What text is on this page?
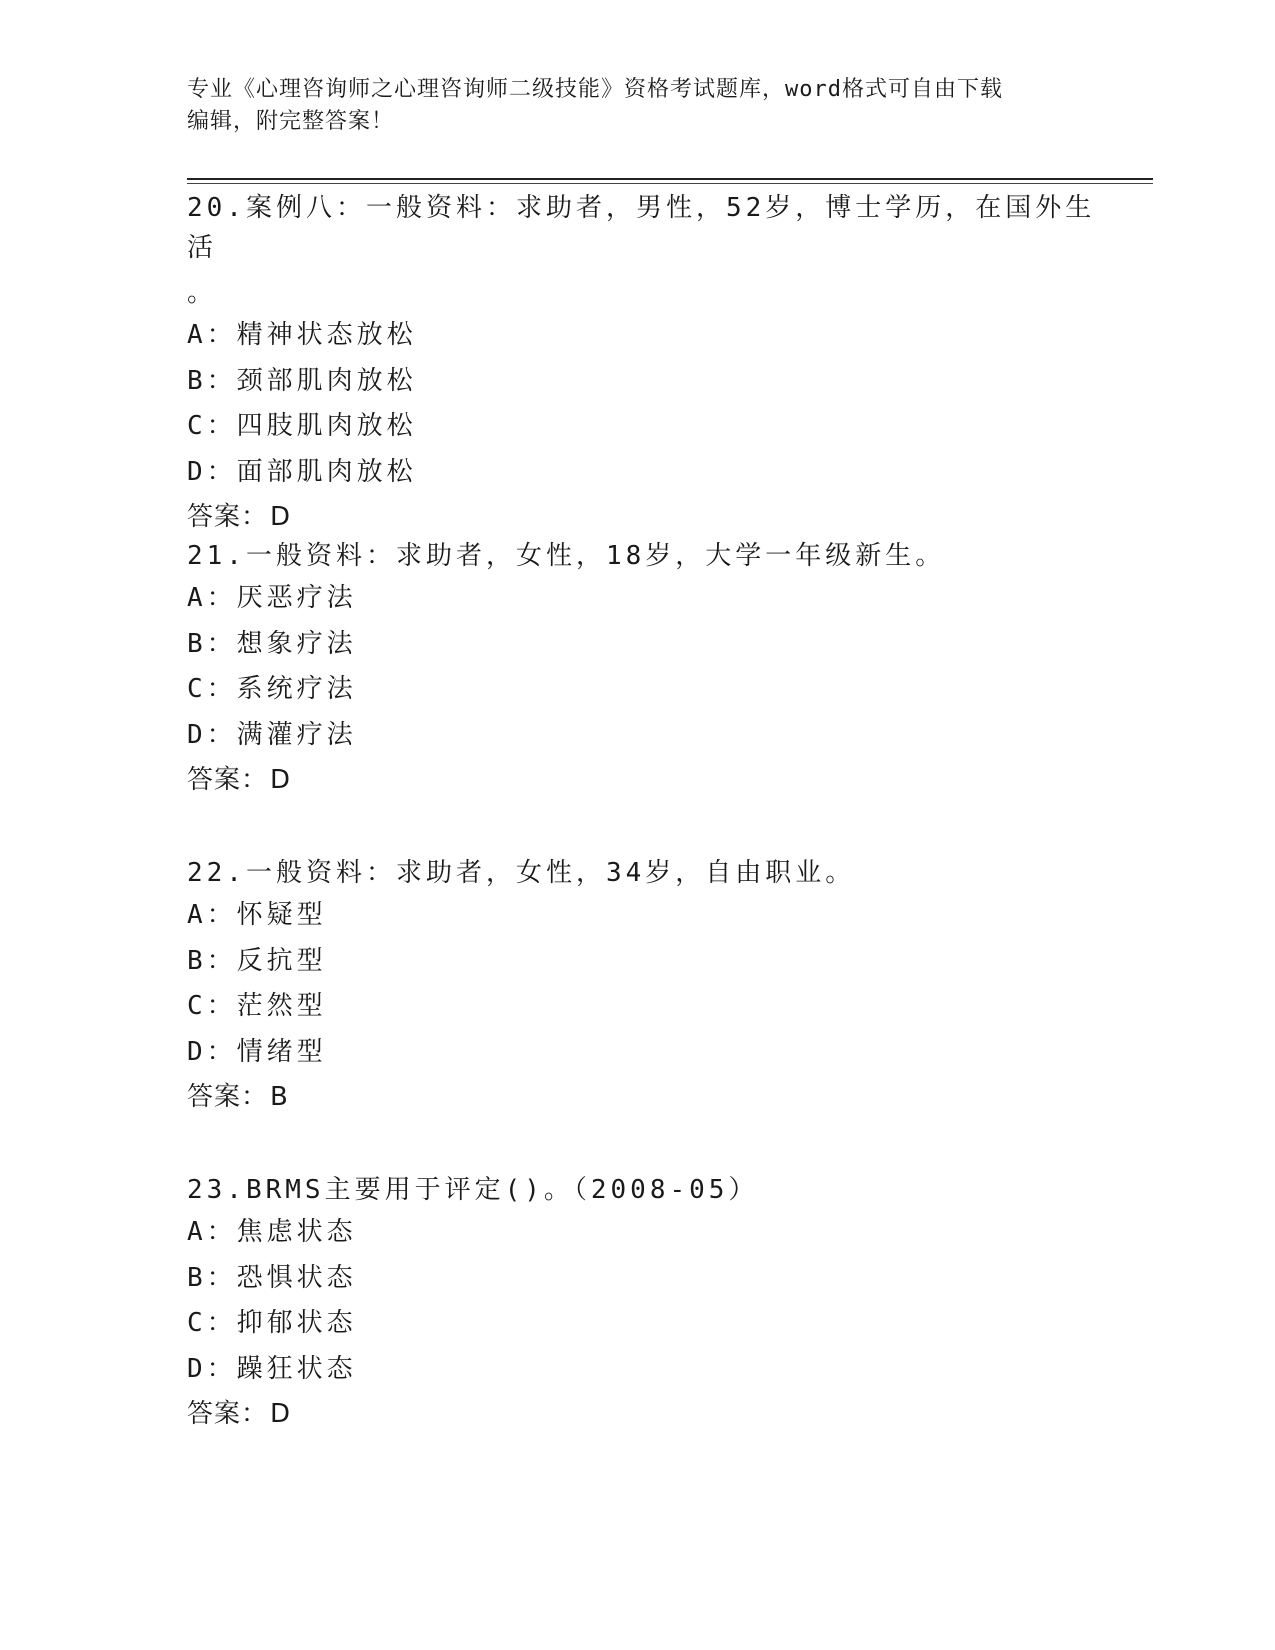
专业《心理咨询师之心理咨询师二级技能》资格考试题库，word格式可自由下载
编辑，附完整答案！

20.案例八：一般资料：求助者，男性，52岁，博士学历，在国外生活

。

A：精神状态放松

B：颈部肌肉放松

C：四肢肌肉放松

D：面部肌肉放松

答案：D

21.一般资料：求助者，女性，18岁，大学一年级新生。

A：厌恶疗法

B：想象疗法

C：系统疗法

D：满灌疗法

答案：D

22.一般资料：求助者，女性，34岁，自由职业。

A：怀疑型

B：反抗型

C：茫然型

D：情绪型

答案：B

23.BRMS主要用于评定()。（2008-05）

A：焦虑状态

B：恐惧状态

C：抑郁状态

D：躁狂状态

答案：D
